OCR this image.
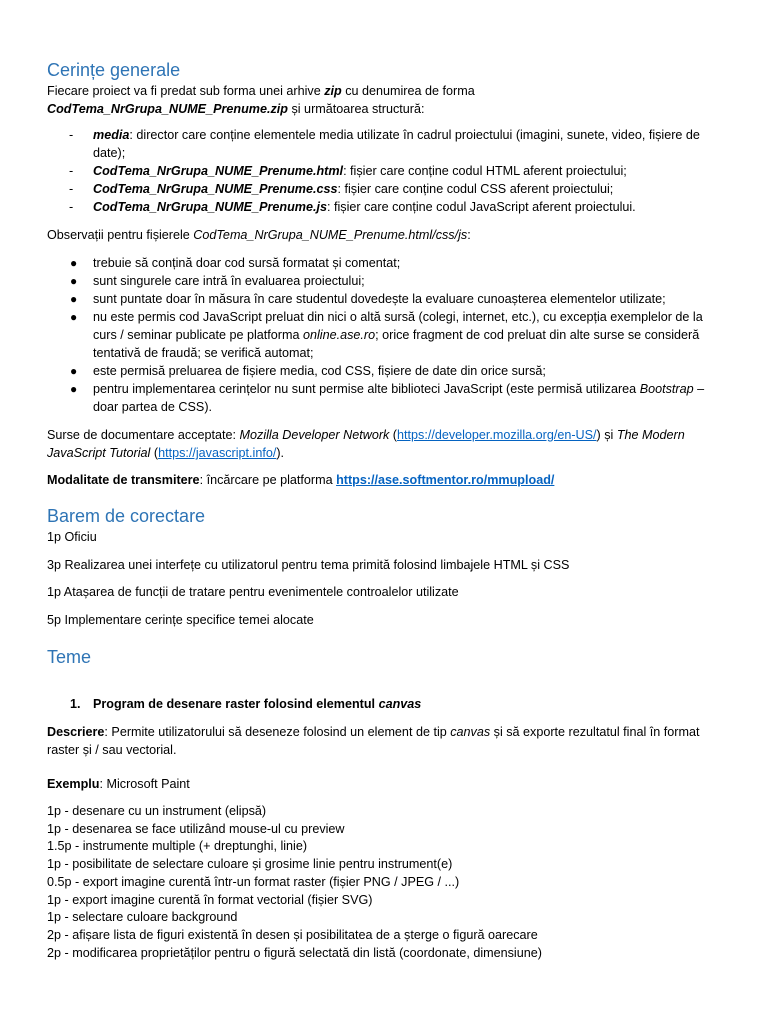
Cerințe generale

Fiecare proiect va fi predat sub forma unei arhive zip cu denumirea de forma
CodTema_NrGrupa_NUME_Prenume.zip și următoarea structură:

- media: director care conține elementele media utilizate în cadrul proiectului (imagini, sunete, video, fișiere de date);
- CodTema_NrGrupa_NUME_Prenume.html: fișier care conține codul HTML aferent proiectului;
- CodTema_NrGrupa_NUME_Prenume.css: fișier care conține codul CSS aferent proiectului;
- CodTema_NrGrupa_NUME_Prenume.js: fișier care conține codul JavaScript aferent proiectului.

Observații pentru fișierele CodTema_NrGrupa_NUME_Prenume.html/css/js:

● trebuie să conțină doar cod sursă formatat și comentat;
● sunt singurele care intră în evaluarea proiectului;
● sunt puntate doar în măsura în care studentul dovedește la evaluare cunoașterea elementelor utilizate;
● nu este permis cod JavaScript preluat din nici o altă sursă (colegi, internet, etc.), cu excepția exemplelor de la curs / seminar publicate pe platforma online.ase.ro; orice fragment de cod preluat din alte surse se consideră tentativă de fraudă; se verifică automat;
● este permisă preluarea de fișiere media, cod CSS, fișiere de date din orice sursă;
● pentru implementarea cerințelor nu sunt permise alte biblioteci JavaScript (este permisă utilizarea Bootstrap – doar partea de CSS).

Surse de documentare acceptate: Mozilla Developer Network (https://developer.mozilla.org/en-US/) și The Modern JavaScript Tutorial (https://javascript.info/).

Modalitate de transmitere: încărcare pe platforma https://ase.softmentor.ro/mmupload/

Barem de corectare

1p Oficiu

3p Realizarea unei interfețe cu utilizatorul pentru tema primită folosind limbajele HTML și CSS

1p Atașarea de funcții de tratare pentru evenimentele controalelor utilizate

5p Implementare cerințe specifice temei alocate

Teme
1. Program de desenare raster folosind elementul canvas

Descriere: Permite utilizatorului să deseneze folosind un element de tip canvas și să exporte rezultatul final în format raster și / sau vectorial.

Exemplu: Microsoft Paint

1p - desenare cu un instrument (elipsă)
1p - desenarea se face utilizând mouse-ul cu preview
1.5p - instrumente multiple (+ dreptunghi, linie)
1p - posibilitate de selectare culoare și grosime linie pentru instrument(e)
0.5p - export imagine curentă într-un format raster (fișier PNG / JPEG / ...)
1p - export imagine curentă în format vectorial (fișier SVG)
1p - selectare culoare background
2p - afișare lista de figuri existentă în desen și posibilitatea de a șterge o figură oarecare
2p - modificarea proprietăților pentru o figură selectată din listă (coordonate, dimensiune)
